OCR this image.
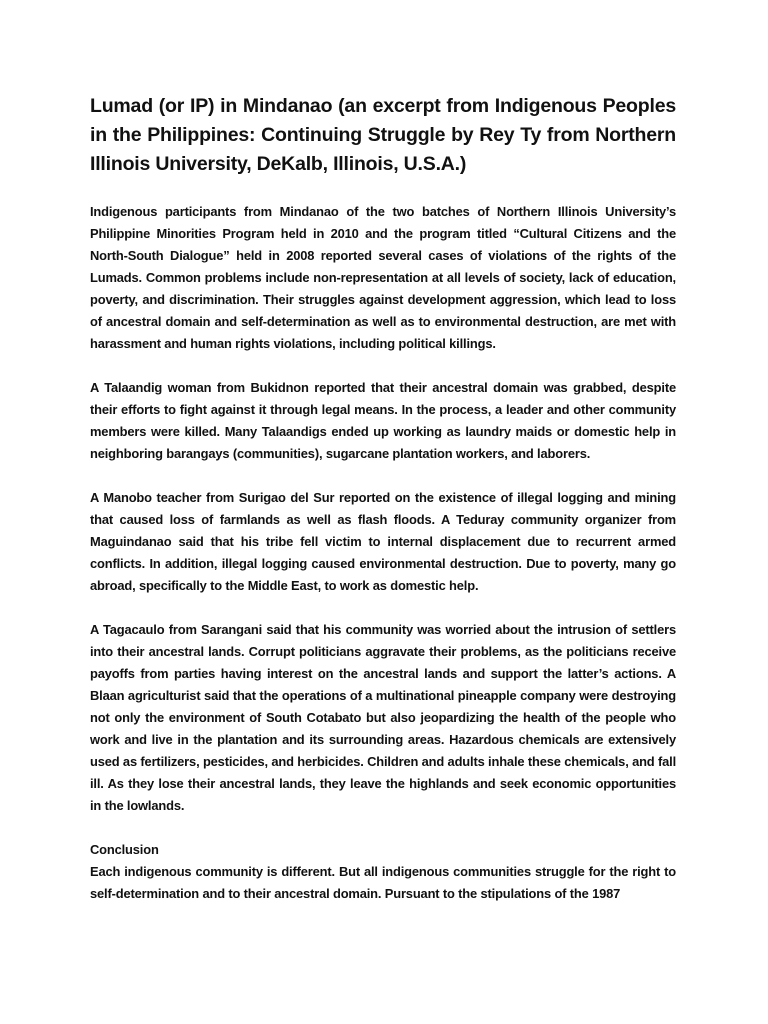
Lumad (or IP) in Mindanao (an excerpt from Indigenous Peoples in the Philippines: Continuing Struggle by Rey Ty from Northern Illinois University, DeKalb, Illinois, U.S.A.)

Indigenous participants from Mindanao of the two batches of Northern Illinois University’s Philippine Minorities Program held in 2010 and the program titled “Cultural Citizens and the North-South Dialogue” held in 2008 reported several cases of violations of the rights of the Lumads. Common problems include non-representation at all levels of society, lack of education, poverty, and discrimination. Their struggles against development aggression, which lead to loss of ancestral domain and self-determination as well as to environmental destruction, are met with harassment and human rights violations, including political killings.

A Talaandig woman from Bukidnon reported that their ancestral domain was grabbed, despite their efforts to fight against it through legal means. In the process, a leader and other community members were killed. Many Talaandigs ended up working as laundry maids or domestic help in neighboring barangays (communities), sugarcane plantation workers, and laborers.

A Manobo teacher from Surigao del Sur reported on the existence of illegal logging and mining that caused loss of farmlands as well as flash floods. A Teduray community organizer from Maguindanao said that his tribe fell victim to internal displacement due to recurrent armed conflicts. In addition, illegal logging caused environmental destruction. Due to poverty, many go abroad, specifically to the Middle East, to work as domestic help.

A Tagacaulo from Sarangani said that his community was worried about the intrusion of settlers into their ancestral lands. Corrupt politicians aggravate their problems, as the politicians receive payoffs from parties having interest on the ancestral lands and support the latter’s actions. A Blaan agriculturist said that the operations of a multinational pineapple company were destroying not only the environment of South Cotabato but also jeopardizing the health of the people who work and live in the plantation and its surrounding areas. Hazardous chemicals are extensively used as fertilizers, pesticides, and herbicides. Children and adults inhale these chemicals, and fall ill. As they lose their ancestral lands, they leave the highlands and seek economic opportunities in the lowlands.

Conclusion

Each indigenous community is different. But all indigenous communities struggle for the right to self-determination and to their ancestral domain. Pursuant to the stipulations of the 1987
